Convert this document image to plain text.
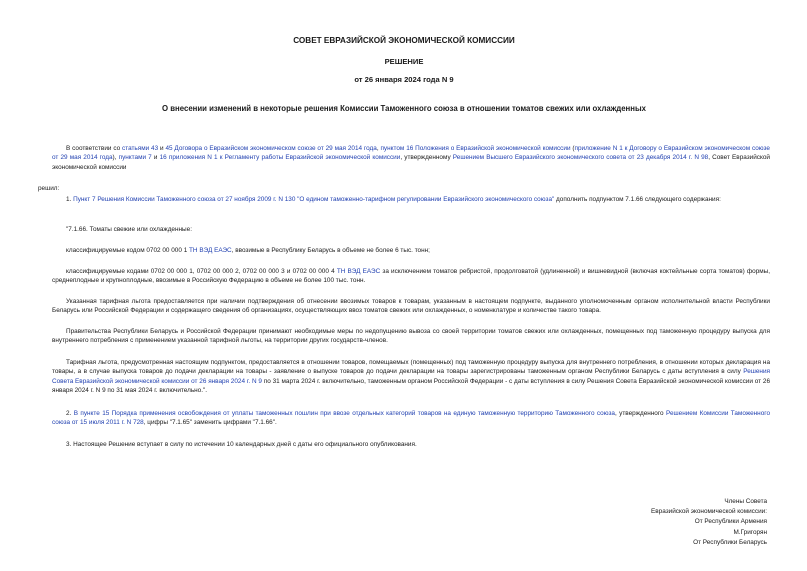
СОВЕТ ЕВРАЗИЙСКОЙ ЭКОНОМИЧЕСКОЙ КОМИССИИ
РЕШЕНИЕ
от 26 января 2024 года N 9
О внесении изменений в некоторые решения Комиссии Таможенного союза в отношении томатов свежих или охлажденных

В соответствии со статьями 43 и 45 Договора о Евразийском экономическом союзе от 29 мая 2014 года, пунктом 16 Положения о Евразийской экономической комиссии (приложение N 1 к Договору о Евразийском экономическом союзе от 29 мая 2014 года), пунктами 7 и 16 приложения N 1 к Регламенту работы Евразийской экономической комиссии, утвержденному Решением Высшего Евразийского экономического совета от 23 декабря 2014 г. N 98, Совет Евразийской экономической комиссии

решил:

1. Пункт 7 Решения Комиссии Таможенного союза от 27 ноября 2009 г. N 130 "О едином таможенно-тарифном регулировании Евразийского экономического союза" дополнить подпунктом 7.1.66 следующего содержания:

"7.1.66. Томаты свежие или охлажденные:

классифицируемые кодом 0702 00 000 1 ТН ВЭД ЕАЭС, ввозимые в Республику Беларусь в объеме не более 6 тыс. тонн;

классифицируемые кодами 0702 00 000 1, 0702 00 000 2, 0702 00 000 3 и 0702 00 000 4 ТН ВЭД ЕАЭС за исключением томатов ребристой, продолговатой (удлиненной) и вишневидной (включая коктейльные сорта томатов) формы, среднеплодные и крупноплодные, ввозимые в Российскую Федерацию в объеме не более 100 тыс. тонн.

Указанная тарифная льгота предоставляется при наличии подтверждения об отнесении ввозимых товаров к товарам, указанным в настоящем подпункте, выданного уполномоченным органом исполнительной власти Республики Беларусь или Российской Федерации и содержащего сведения об организациях, осуществляющих ввоз томатов свежих или охлажденных, о номенклатуре и количестве такого товара.

Правительства Республики Беларусь и Российской Федерации принимают необходимые меры по недопущению вывоза со своей территории томатов свежих или охлажденных, помещенных под таможенную процедуру выпуска для внутреннего потребления с применением указанной тарифной льготы, на территории других государств-членов.

Тарифная льгота, предусмотренная настоящим подпунктом, предоставляется в отношении товаров, помещаемых (помещенных) под таможенную процедуру выпуска для внутреннего потребления, в отношении которых декларация на товары, а в случае выпуска товаров до подачи декларации на товары - заявление о выпуске товаров до подачи декларации на товары зарегистрированы таможенным органом Республики Беларусь с даты вступления в силу Решения Совета Евразийской экономической комиссии от 26 января 2024 г. N 9 по 31 марта 2024 г. включительно, таможенным органом Российской Федерации - с даты вступления в силу Решения Совета Евразийской экономической комиссии от 26 января 2024 г. N 9 по 31 мая 2024 г. включительно.".

2. В пункте 15 Порядка применения освобождения от уплаты таможенных пошлин при ввозе отдельных категорий товаров на единую таможенную территорию Таможенного союза, утвержденного Решением Комиссии Таможенного союза от 15 июля 2011 г. N 728, цифры "7.1.65" заменить цифрами "7.1.66".

3. Настоящее Решение вступает в силу по истечении 10 календарных дней с даты его официального опубликования.

Члены Совета
Евразийской экономической комиссии:
От Республики Армения
М.Григорян
От Республики Беларусь
